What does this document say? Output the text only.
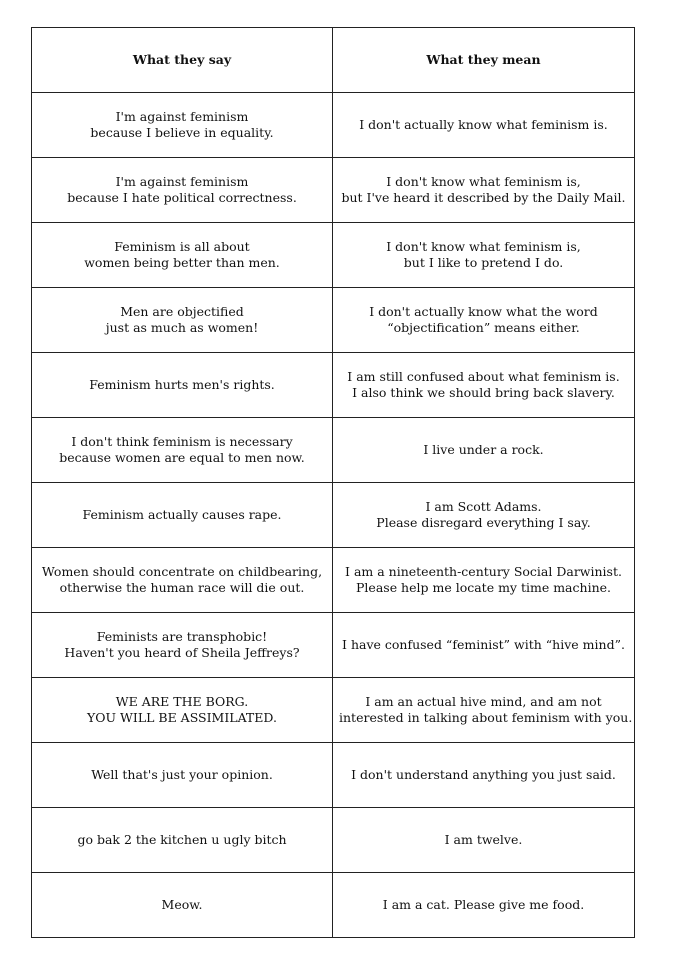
What they say	What they mean

I'm against feminism
because I believe in equality.	I don't actually know what feminism is.

I'm against feminism
because I hate political correctness.	I don't know what feminism is,
but I've heard it described by the Daily Mail.

Feminism is all about
women being better than men.	I don't know what feminism is,
but I like to pretend I do.

Men are objectified
just as much as women!	I don't actually know what the word
“objectification” means either.

Feminism hurts men's rights.	I am still confused about what feminism is.
I also think we should bring back slavery.

I don't think feminism is necessary
because women are equal to men now.	I live under a rock.

Feminism actually causes rape.	I am Scott Adams.
Please disregard everything I say.

Women should concentrate on childbearing,
otherwise the human race will die out.	I am a nineteenth-century Social Darwinist.
Please help me locate my time machine.

Feminists are transphobic!
Haven't you heard of Sheila Jeffreys?	I have confused “feminist” with “hive mind”.

WE ARE THE BORG.
YOU WILL BE ASSIMILATED.	I am an actual hive mind, and am not
interested in talking about feminism with you.

Well that's just your opinion.	I don't understand anything you just said.

go bak 2 the kitchen u ugly bitch	I am twelve.

Meow.	I am a cat. Please give me food.
